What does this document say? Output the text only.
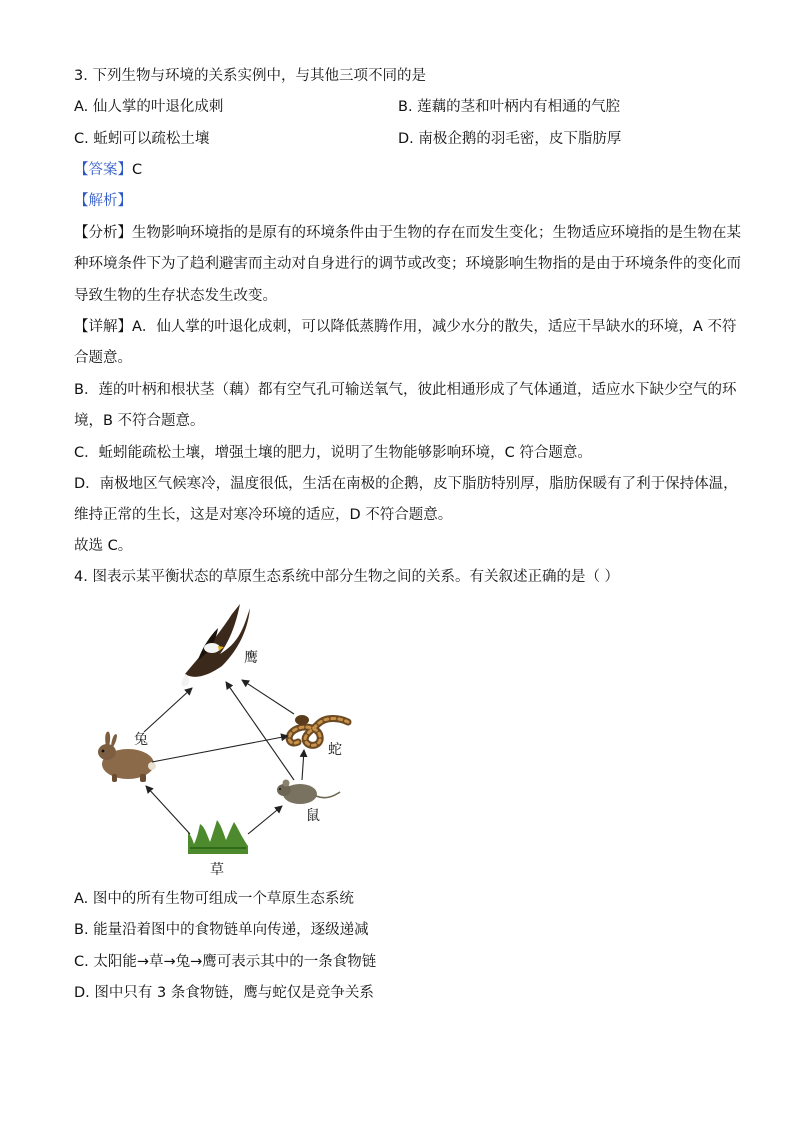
3. 下列生物与环境的关系实例中，与其他三项不同的是
A. 仙人掌的叶退化成刺	B. 莲藕的茎和叶柄内有相通的气腔
C. 蚯蚓可以疏松土壤	D. 南极企鹅的羽毛密，皮下脂肪厚
【答案】C
【解析】
【分析】生物影响环境指的是原有的环境条件由于生物的存在而发生变化；生物适应环境指的是生物在某
种环境条件下为了趋利避害而主动对自身进行的调节或改变；环境影响生物指的是由于环境条件的变化而
导致生物的生存状态发生改变。
【详解】A．仙人掌的叶退化成刺，可以降低蒸腾作用，减少水分的散失，适应干旱缺水的环境，A 不符
合题意。
B．莲的叶柄和根状茎（藕）都有空气孔可输送氧气，彼此相通形成了气体通道，适应水下缺少空气的环
境，B 不符合题意。
C．蚯蚓能疏松土壤，增强土壤的肥力，说明了生物能够影响环境，C 符合题意。
D．南极地区气候寒冷，温度很低，生活在南极的企鹅，皮下脂肪特别厚，脂肪保暖有了利于保持体温，
维持正常的生长，这是对寒冷环境的适应，D 不符合题意。
故选 C。
4. 图表示某平衡状态的草原生态系统中部分生物之间的关系。有关叙述正确的是（ ）
鹰
兔
蛇
鼠
草
A. 图中的所有生物可组成一个草原生态系统
B. 能量沿着图中的食物链单向传递，逐级递减
C. 太阳能→草→兔→鹰可表示其中的一条食物链
D. 图中只有 3 条食物链，鹰与蛇仅是竞争关系
